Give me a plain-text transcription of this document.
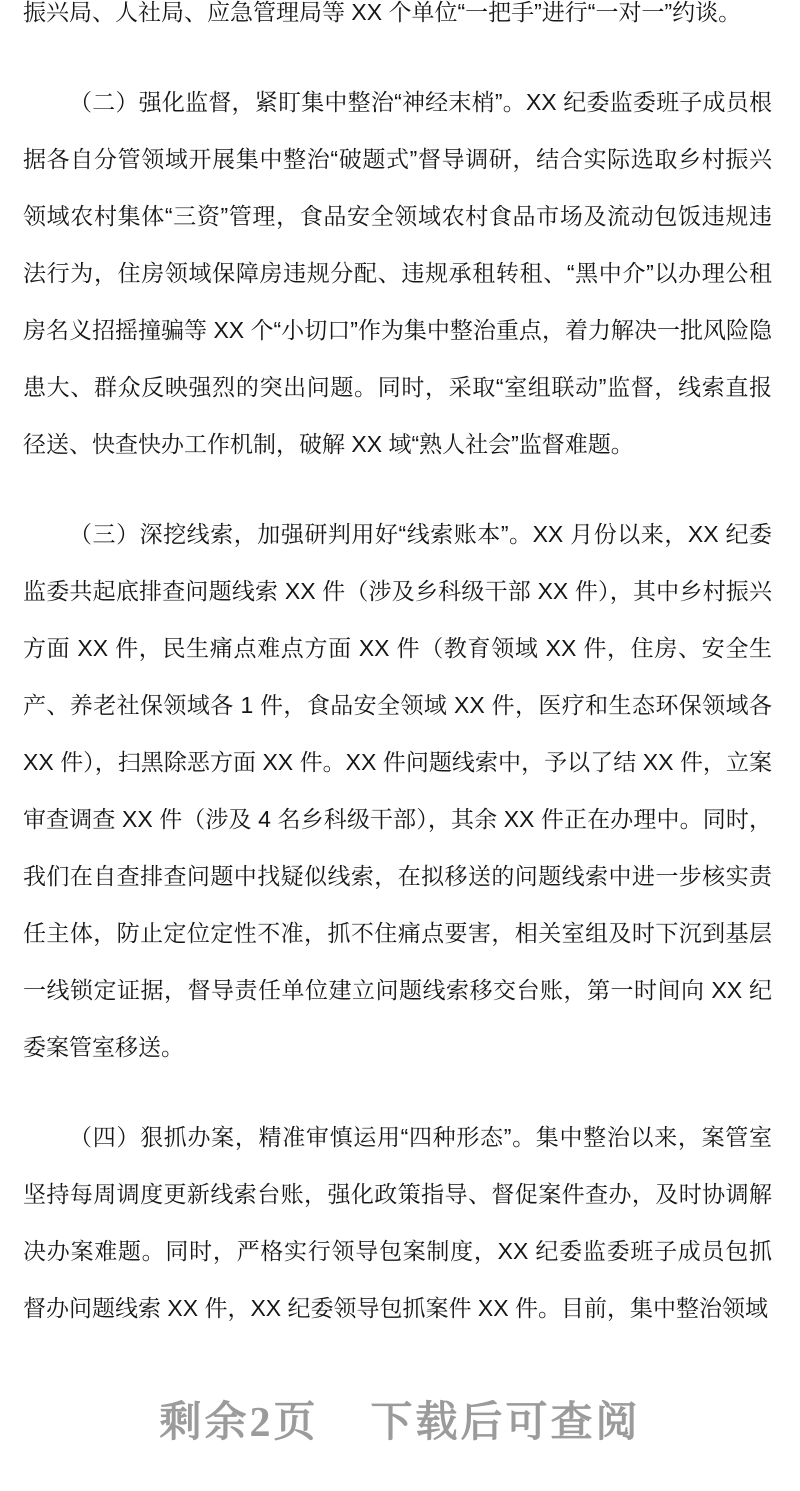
振兴局、人社局、应急管理局等 XX 个单位“一把手”进行“一对一”约谈。

（二）强化监督，紧盯集中整治“神经末梢”。XX 纪委监委班子成员根据各自分管领域开展集中整治“破题式”督导调研，结合实际选取乡村振兴领域农村集体“三资”管理，食品安全领域农村食品市场及流动包饭违规违法行为，住房领域保障房违规分配、违规承租转租、“黑中介”以办理公租房名义招摇撞骗等 XX 个“小切口”作为集中整治重点，着力解决一批风险隐患大、群众反映强烈的突出问题。同时，采取“室组联动”监督，线索直报径送、快查快办工作机制，破解 XX 域“熟人社会”监督难题。

（三）深挖线索，加强研判用好“线索账本”。XX 月份以来，XX 纪委监委共起底排查问题线索 XX 件（涉及乡科级干部 XX 件），其中乡村振兴方面 XX 件，民生痛点难点方面 XX 件（教育领域 XX 件，住房、安全生产、养老社保领域各 1 件，食品安全领域 XX 件，医疗和生态环保领域各 XX 件），扫黑除恶方面 XX 件。XX 件问题线索中，予以了结 XX 件，立案审查调查 XX 件（涉及 4 名乡科级干部），其余 XX 件正在办理中。同时，我们在自查排查问题中找疑似线索，在拟移送的问题线索中进一步核实责任主体，防止定位定性不准，抓不住痛点要害，相关室组及时下沉到基层一线锁定证据，督导责任单位建立问题线索移交台账，第一时间向 XX 纪委案管室移送。

（四）狠抓办案，精准审慎运用“四种形态”。集中整治以来，案管室坚持每周调度更新线索台账，强化政策指导、督促案件查办，及时协调解决办案难题。同时，严格实行领导包案制度，XX 纪委监委班子成员包抓督办问题线索 XX 件，XX 纪委领导包抓案件 XX 件。目前，集中整治领域

剩余2页 下载后可查阅
